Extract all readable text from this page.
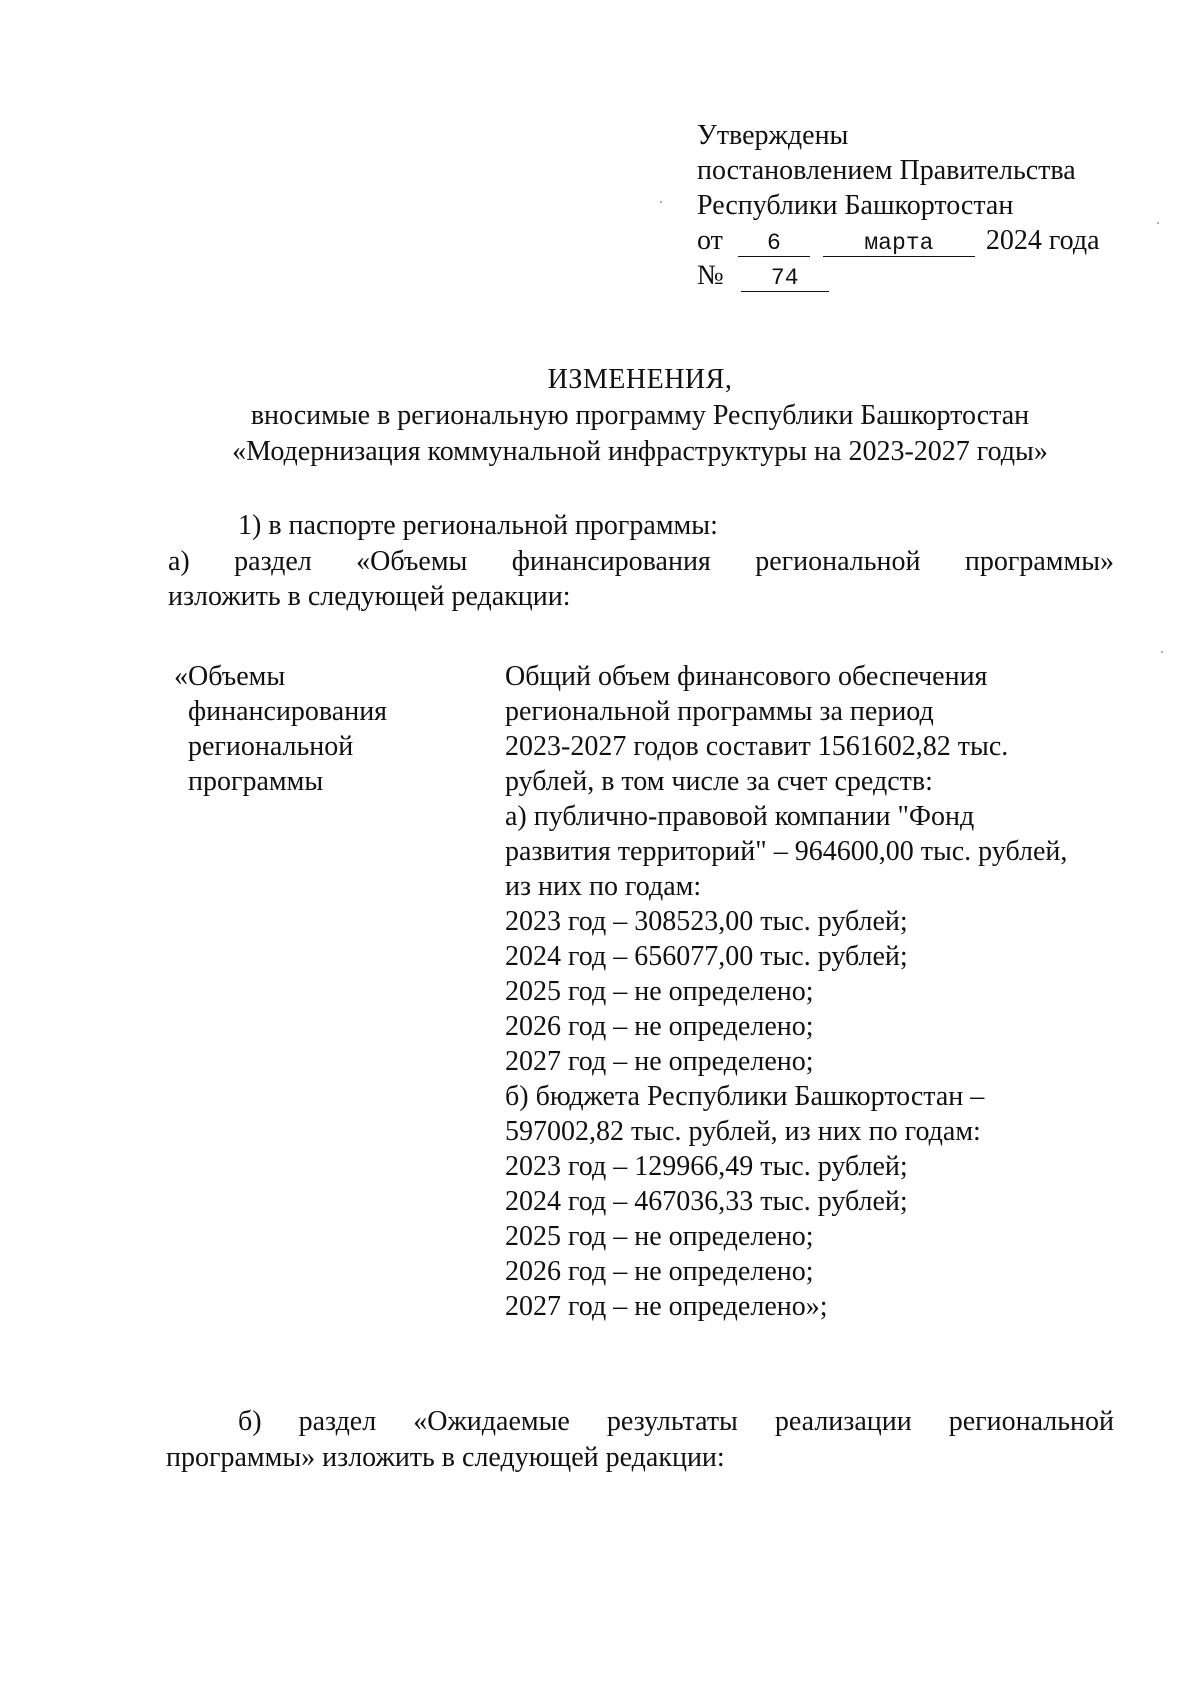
Утверждены
постановлением Правительства
Республики Башкортостан
от 6	марта 2024 года
№ 74
ИЗМЕНЕНИЯ,
вносимые в региональную программу Республики Башкортостан
«Модернизация коммунальной инфраструктуры на 2023-2027 годы»
1) в паспорте региональной программы:
а) раздел «Объемы финансирования региональной программы»
изложить в следующей редакции:
«Объемы
финансирования
региональной
программы
Общий объем финансового обеспечения
региональной программы за период
2023-2027 годов составит 1561602,82 тыс.
рублей, в том числе за счет средств:
а) публично-правовой компании "Фонд
развития территорий" – 964600,00 тыс. рублей,
из них по годам:
2023 год – 308523,00 тыс. рублей;
2024 год – 656077,00 тыс. рублей;
2025 год – не определено;
2026 год – не определено;
2027 год – не определено;
б) бюджета Республики Башкортостан –
597002,82 тыс. рублей, из них по годам:
2023 год – 129966,49 тыс. рублей;
2024 год – 467036,33 тыс. рублей;
2025 год – не определено;
2026 год – не определено;
2027 год – не определено»;
б) раздел «Ожидаемые результаты реализации региональной
программы» изложить в следующей редакции:
